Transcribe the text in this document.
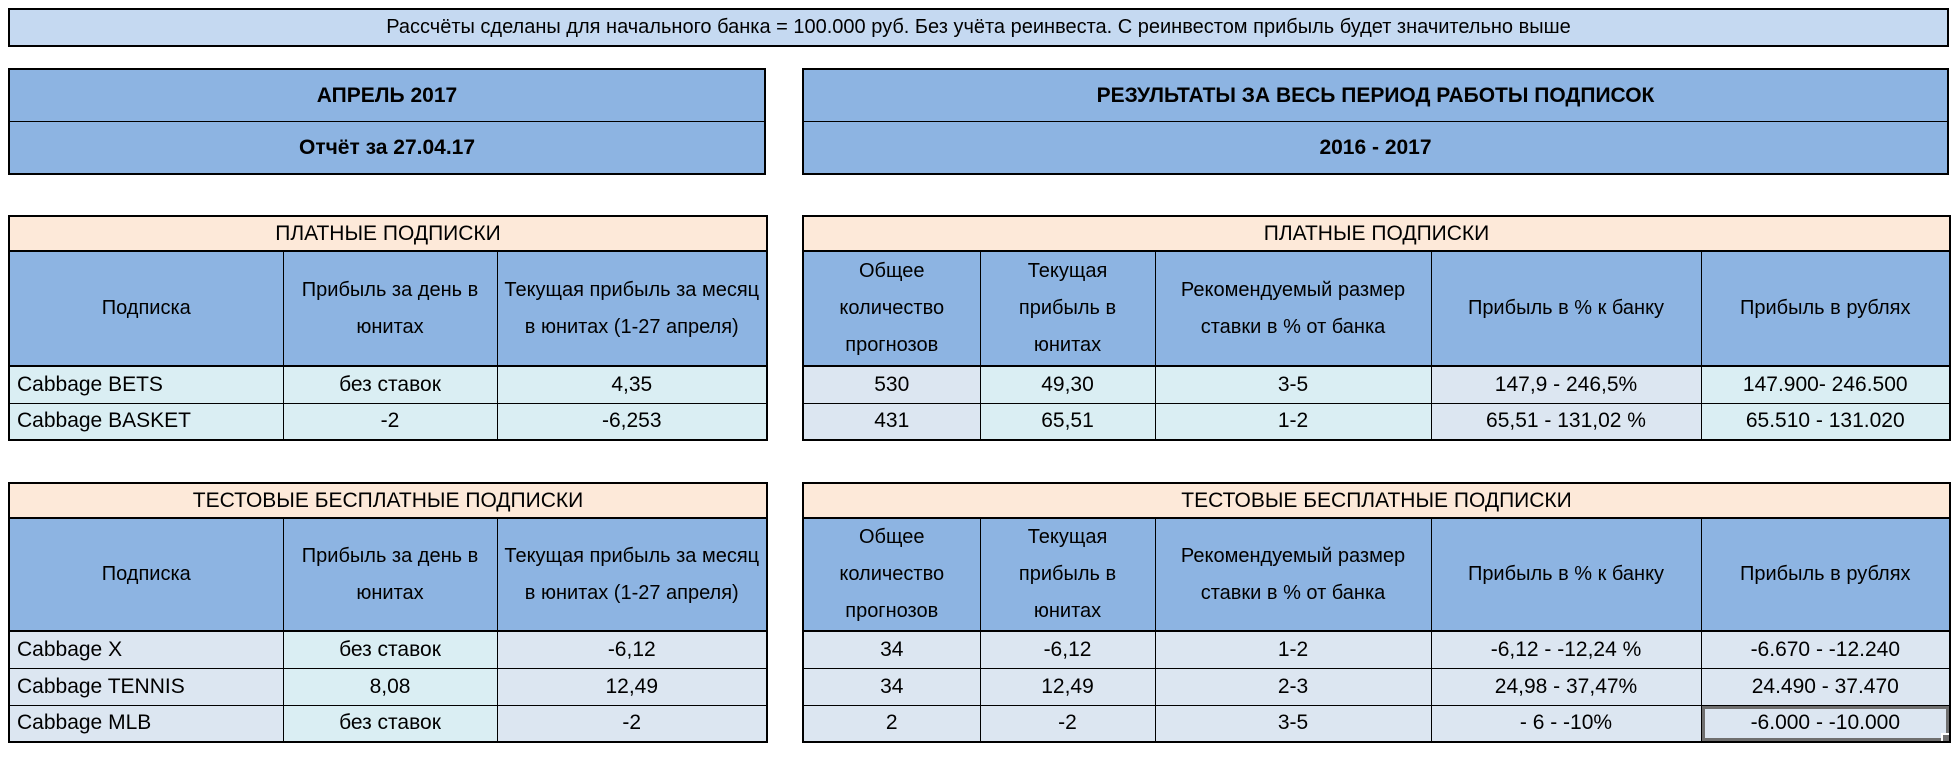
Рассчёты сделаны для начального банка = 100.000 руб. Без учёта реинвеста. С реинвестом прибыль будет значительно выше
АПРЕЛЬ 2017
Отчёт за 27.04.17
РЕЗУЛЬТАТЫ ЗА ВЕСЬ ПЕРИОД РАБОТЫ ПОДПИСОК
2016 - 2017
ПЛАТНЫЕ ПОДПИСКИ		
Подписка	Прибыль за день в юнитах	Текущая прибыль за месяц в юнитах (1-27 апреля)
Cabbage BETS	без ставок	4,35
Cabbage BASKET	-2	-6,253
ПЛАТНЫЕ ПОДПИСКИ				
Общее количество прогнозов	Текущая прибыль в юнитах	Рекомендуемый размер ставки в % от банка	Прибыль в % к банку	Прибыль в рублях
530	49,30	3-5	147,9 - 246,5%	147.900- 246.500
431	65,51	1-2	65,51 - 131,02 %	65.510 - 131.020
ТЕСТОВЫЕ БЕСПЛАТНЫЕ ПОДПИСКИ		
Подписка	Прибыль за день в юнитах	Текущая прибыль за месяц в юнитах (1-27 апреля)
Cabbage X	без ставок	-6,12
Cabbage TENNIS	8,08	12,49
Cabbage MLB	без ставок	-2
ТЕСТОВЫЕ БЕСПЛАТНЫЕ ПОДПИСКИ				
Общее количество прогнозов	Текущая прибыль в юнитах	Рекомендуемый размер ставки в % от банка	Прибыль в % к банку	Прибыль в рублях
34	-6,12	1-2	-6,12 - -12,24 %	-6.670 - -12.240
34	12,49	2-3	24,98 - 37,47%	24.490 - 37.470
2	-2	3-5	- 6 - -10%	-6.000 - -10.000
